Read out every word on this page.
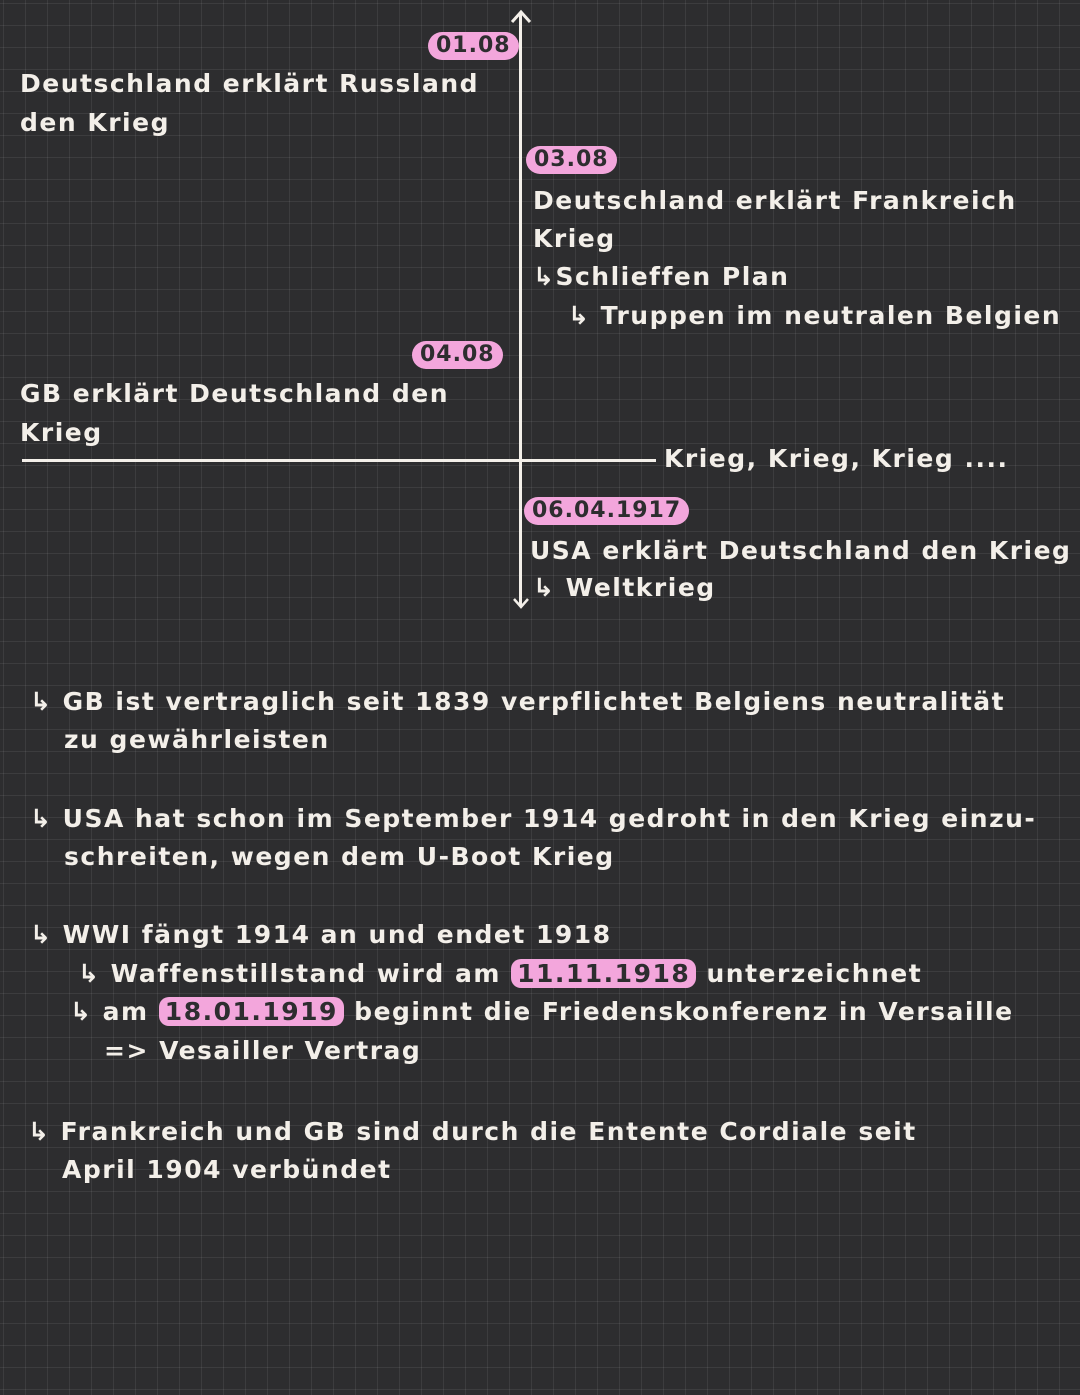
01.08
Deutschland erklärt Russland
den Krieg
03.08
Deutschland erklärt Frankreich
Krieg
↳Schlieffen Plan
↳ Truppen im neutralen Belgien
04.08
GB erklärt Deutschland den
Krieg
Krieg, Krieg, Krieg ....
06.04.1917
USA erklärt Deutschland den Krieg
↳ Weltkrieg
↳ GB ist vertraglich seit 1839 verpflichtet Belgiens neutralität
zu gewährleisten
↳ USA hat schon im September 1914 gedroht in den Krieg einzu-
schreiten, wegen dem U-Boot Krieg
↳ WWI fängt 1914 an und endet 1918
↳ Waffenstillstand wird am 11.11.1918 unterzeichnet
↳ am 18.01.1919 beginnt die Friedenskonferenz in Versaille
=> Vesailler Vertrag
↳ Frankreich und GB sind durch die Entente Cordiale seit
April 1904 verbündet
